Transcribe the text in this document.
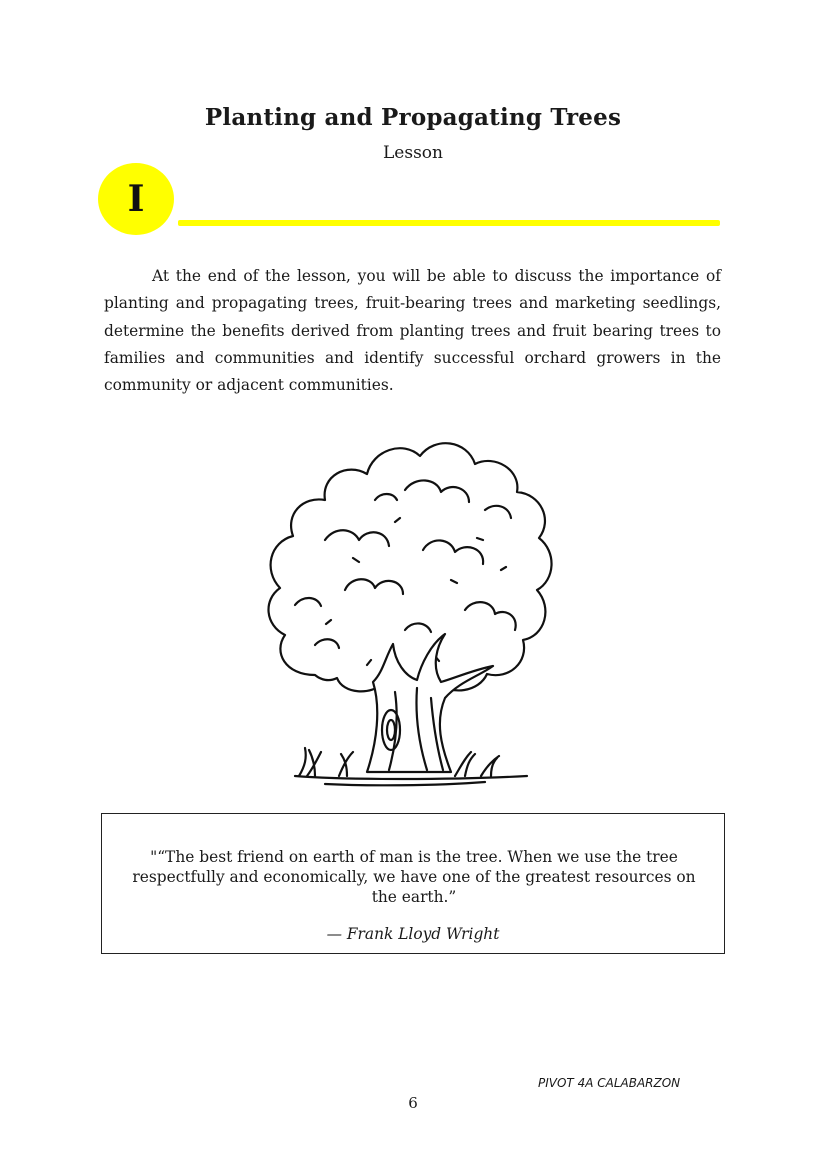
Planting and Propagating Trees
Lesson
I

At the end of the lesson, you will be able to discuss the importance of planting and propagating trees, fruit-bearing trees and marketing seedlings, determine the benefits derived from planting trees and fruit bearing trees to families and communities and identify successful orchard growers in the community or adjacent communities.

"“The best friend on earth of man is the tree. When we use the tree respectfully and economically, we have one of the greatest resources on the earth.”

— Frank Lloyd Wright
PIVOT 4A CALABARZON
6
